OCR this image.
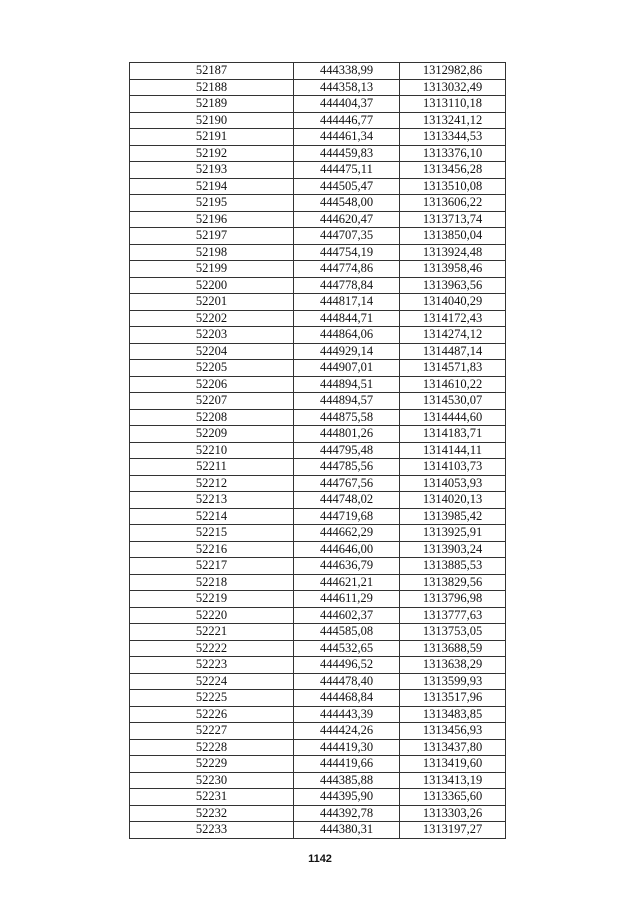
52187	444338,99	1312982,86
52188	444358,13	1313032,49
52189	444404,37	1313110,18
52190	444446,77	1313241,12
52191	444461,34	1313344,53
52192	444459,83	1313376,10
52193	444475,11	1313456,28
52194	444505,47	1313510,08
52195	444548,00	1313606,22
52196	444620,47	1313713,74
52197	444707,35	1313850,04
52198	444754,19	1313924,48
52199	444774,86	1313958,46
52200	444778,84	1313963,56
52201	444817,14	1314040,29
52202	444844,71	1314172,43
52203	444864,06	1314274,12
52204	444929,14	1314487,14
52205	444907,01	1314571,83
52206	444894,51	1314610,22
52207	444894,57	1314530,07
52208	444875,58	1314444,60
52209	444801,26	1314183,71
52210	444795,48	1314144,11
52211	444785,56	1314103,73
52212	444767,56	1314053,93
52213	444748,02	1314020,13
52214	444719,68	1313985,42
52215	444662,29	1313925,91
52216	444646,00	1313903,24
52217	444636,79	1313885,53
52218	444621,21	1313829,56
52219	444611,29	1313796,98
52220	444602,37	1313777,63
52221	444585,08	1313753,05
52222	444532,65	1313688,59
52223	444496,52	1313638,29
52224	444478,40	1313599,93
52225	444468,84	1313517,96
52226	444443,39	1313483,85
52227	444424,26	1313456,93
52228	444419,30	1313437,80
52229	444419,66	1313419,60
52230	444385,88	1313413,19
52231	444395,90	1313365,60
52232	444392,78	1313303,26
52233	444380,31	1313197,27
1142
